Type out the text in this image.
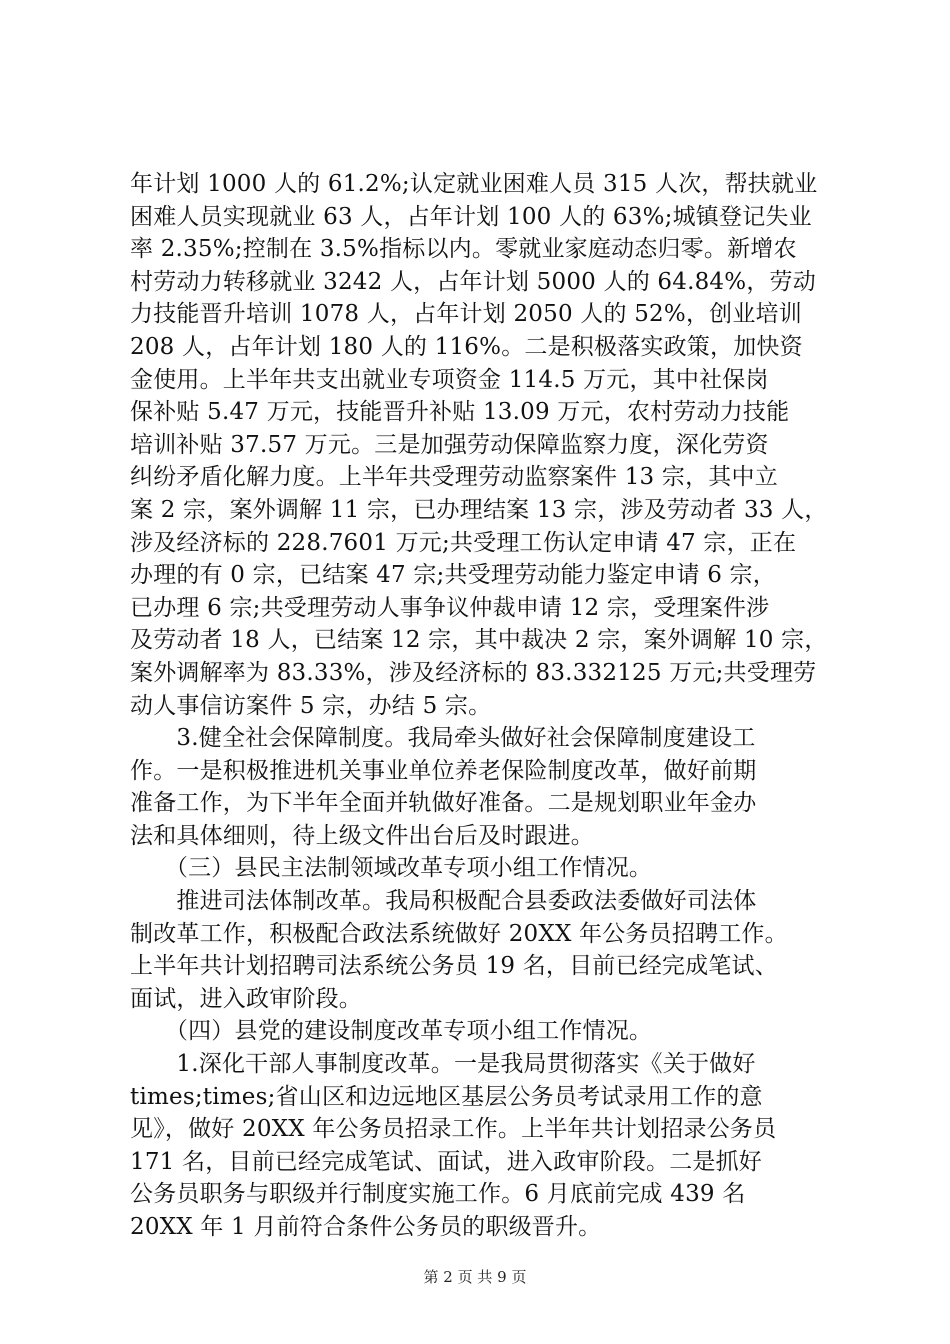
年计划 1000 人的 61.2%;认定就业困难人员 315 人次，帮扶就业
困难人员实现就业 63 人，占年计划 100 人的 63%;城镇登记失业
率 2.35%;控制在 3.5%指标以内。零就业家庭动态归零。新增农
村劳动力转移就业 3242 人，占年计划 5000 人的 64.84%，劳动
力技能晋升培训 1078 人，占年计划 2050 人的 52%，创业培训
208 人，占年计划 180 人的 116%。二是积极落实政策，加快资
金使用。上半年共支出就业专项资金 114.5 万元，其中社保岗
保补贴 5.47 万元，技能晋升补贴 13.09 万元，农村劳动力技能
培训补贴 37.57 万元。三是加强劳动保障监察力度，深化劳资
纠纷矛盾化解力度。上半年共受理劳动监察案件 13 宗，其中立
案 2 宗，案外调解 11 宗，已办理结案 13 宗，涉及劳动者 33 人，
涉及经济标的 228.7601 万元;共受理工伤认定申请 47 宗，正在
办理的有 0 宗，已结案 47 宗;共受理劳动能力鉴定申请 6 宗，
已办理 6 宗;共受理劳动人事争议仲裁申请 12 宗，受理案件涉
及劳动者 18 人，已结案 12 宗，其中裁决 2 宗，案外调解 10 宗，
案外调解率为 83.33%，涉及经济标的 83.332125 万元;共受理劳
动人事信访案件 5 宗，办结 5 宗。
　　3.健全社会保障制度。我局牵头做好社会保障制度建设工
作。一是积极推进机关事业单位养老保险制度改革，做好前期
准备工作，为下半年全面并轨做好准备。二是规划职业年金办
法和具体细则，待上级文件出台后及时跟进。
　　（三）县民主法制领域改革专项小组工作情况。
　　推进司法体制改革。我局积极配合县委政法委做好司法体
制改革工作，积极配合政法系统做好 20XX 年公务员招聘工作。
上半年共计划招聘司法系统公务员 19 名，目前已经完成笔试、
面试，进入政审阶段。
　　（四）县党的建设制度改革专项小组工作情况。
　　1.深化干部人事制度改革。一是我局贯彻落实《关于做好
times;times;省山区和边远地区基层公务员考试录用工作的意
见》，做好 20XX 年公务员招录工作。上半年共计划招录公务员
171 名，目前已经完成笔试、面试，进入政审阶段。二是抓好
公务员职务与职级并行制度实施工作。6 月底前完成 439 名
20XX 年 1 月前符合条件公务员的职级晋升。
第 2 页 共 9 页
